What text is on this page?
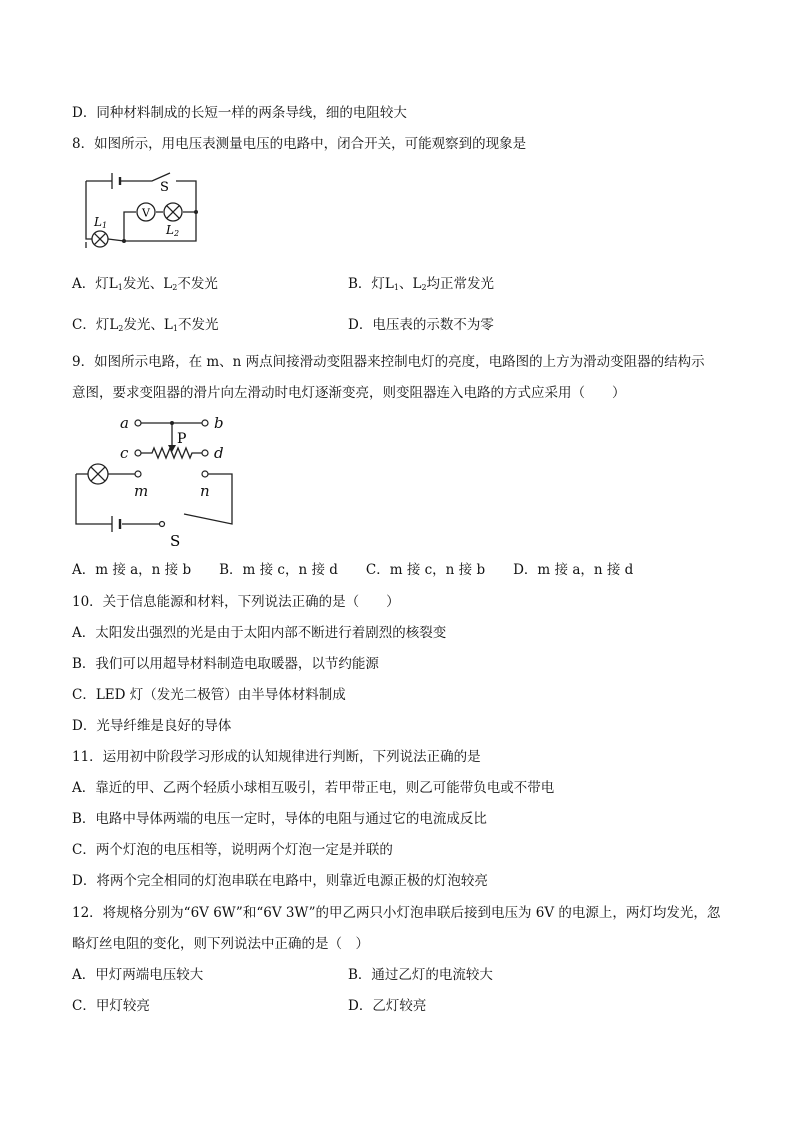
D．同种材料制成的长短一样的两条导线，细的电阻较大
8．如图所示，用电压表测量电压的电路中，闭合开关，可能观察到的现象是
V
S
L1	L2
A．灯$L_1$发光、$L_2$不发光	B．灯$L_1$、$L_2$均正常发光
C．灯$L_2$发光、$L_1$不发光	D．电压表的示数不为零
9．如图所示电路，在 m、n 两点间接滑动变阻器来控制电灯的亮度，电路图的上方为滑动变阻器的结构示
意图，要求变阻器的滑片向左滑动时电灯逐渐变亮，则变阻器连入电路的方式应采用（　　）
a	b
c	d
m	n
P
S
A．m 接 a，n 接 b B．m 接 c，n 接 d C．m 接 c，n 接 b D．m 接 a，n 接 d
10．关于信息能源和材料，下列说法正确的是（　　）
A．太阳发出强烈的光是由于太阳内部不断进行着剧烈的核裂变
B．我们可以用超导材料制造电取暖器，以节约能源
C．LED 灯（发光二极管）由半导体材料制成
D．光导纤维是良好的导体
11．运用初中阶段学习形成的认知规律进行判断，下列说法正确的是
A．靠近的甲、乙两个轻质小球相互吸引，若甲带正电，则乙可能带负电或不带电
B．电路中导体两端的电压一定时，导体的电阻与通过它的电流成反比
C．两个灯泡的电压相等，说明两个灯泡一定是并联的
D．将两个完全相同的灯泡串联在电路中，则靠近电源正极的灯泡较亮
12．将规格分别为“6V 6W”和“6V 3W”的甲乙两只小灯泡串联后接到电压为 6V 的电源上，两灯均发光，忽
略灯丝电阻的变化，则下列说法中正确的是（　）
A．甲灯两端电压较大	B．通过乙灯的电流较大
C．甲灯较亮	D．乙灯较亮
